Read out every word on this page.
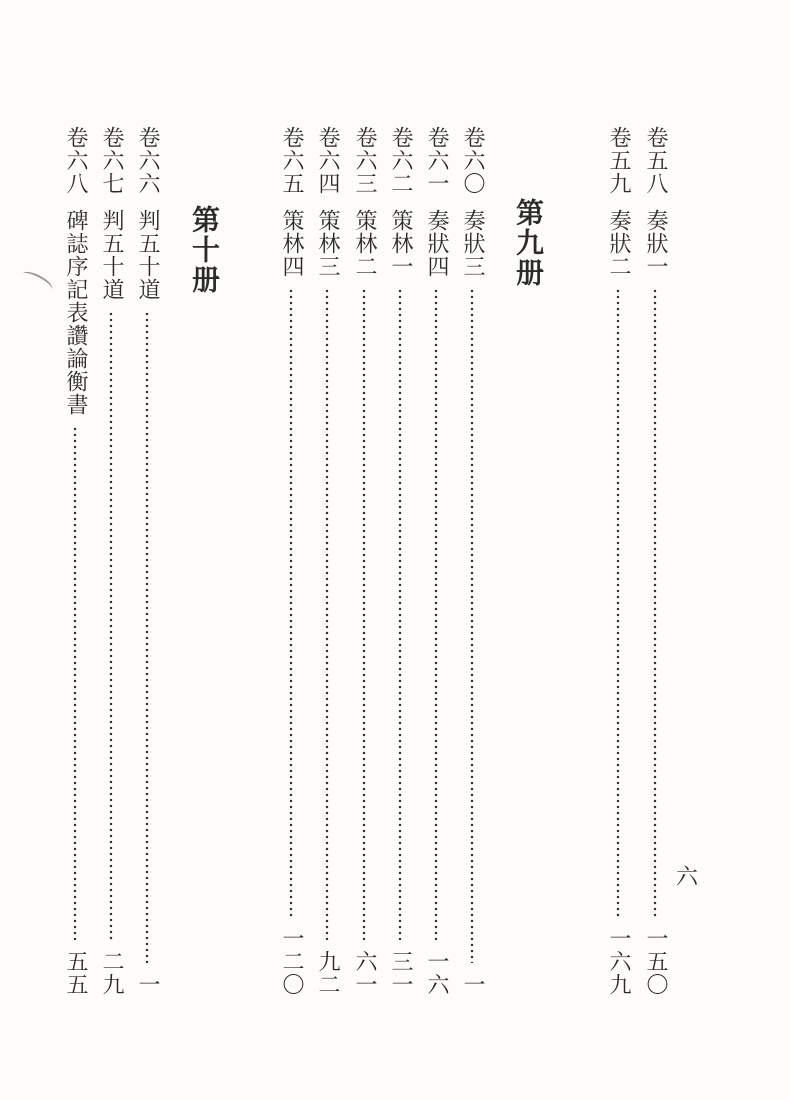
卷五八
奏狀一
一五〇
卷五九
奏狀二
一六九
第九册
卷六〇
奏狀三
一
卷六一
奏狀四
一六
卷六二
策林一
三一
卷六三
策林二
六一
卷六四
策林三
九二
卷六五
策林四
一二〇
第十册
卷六六
判五十道
一
卷六七
判五十道
二九
卷六八
碑誌序記表讚論衡書
五五
六
